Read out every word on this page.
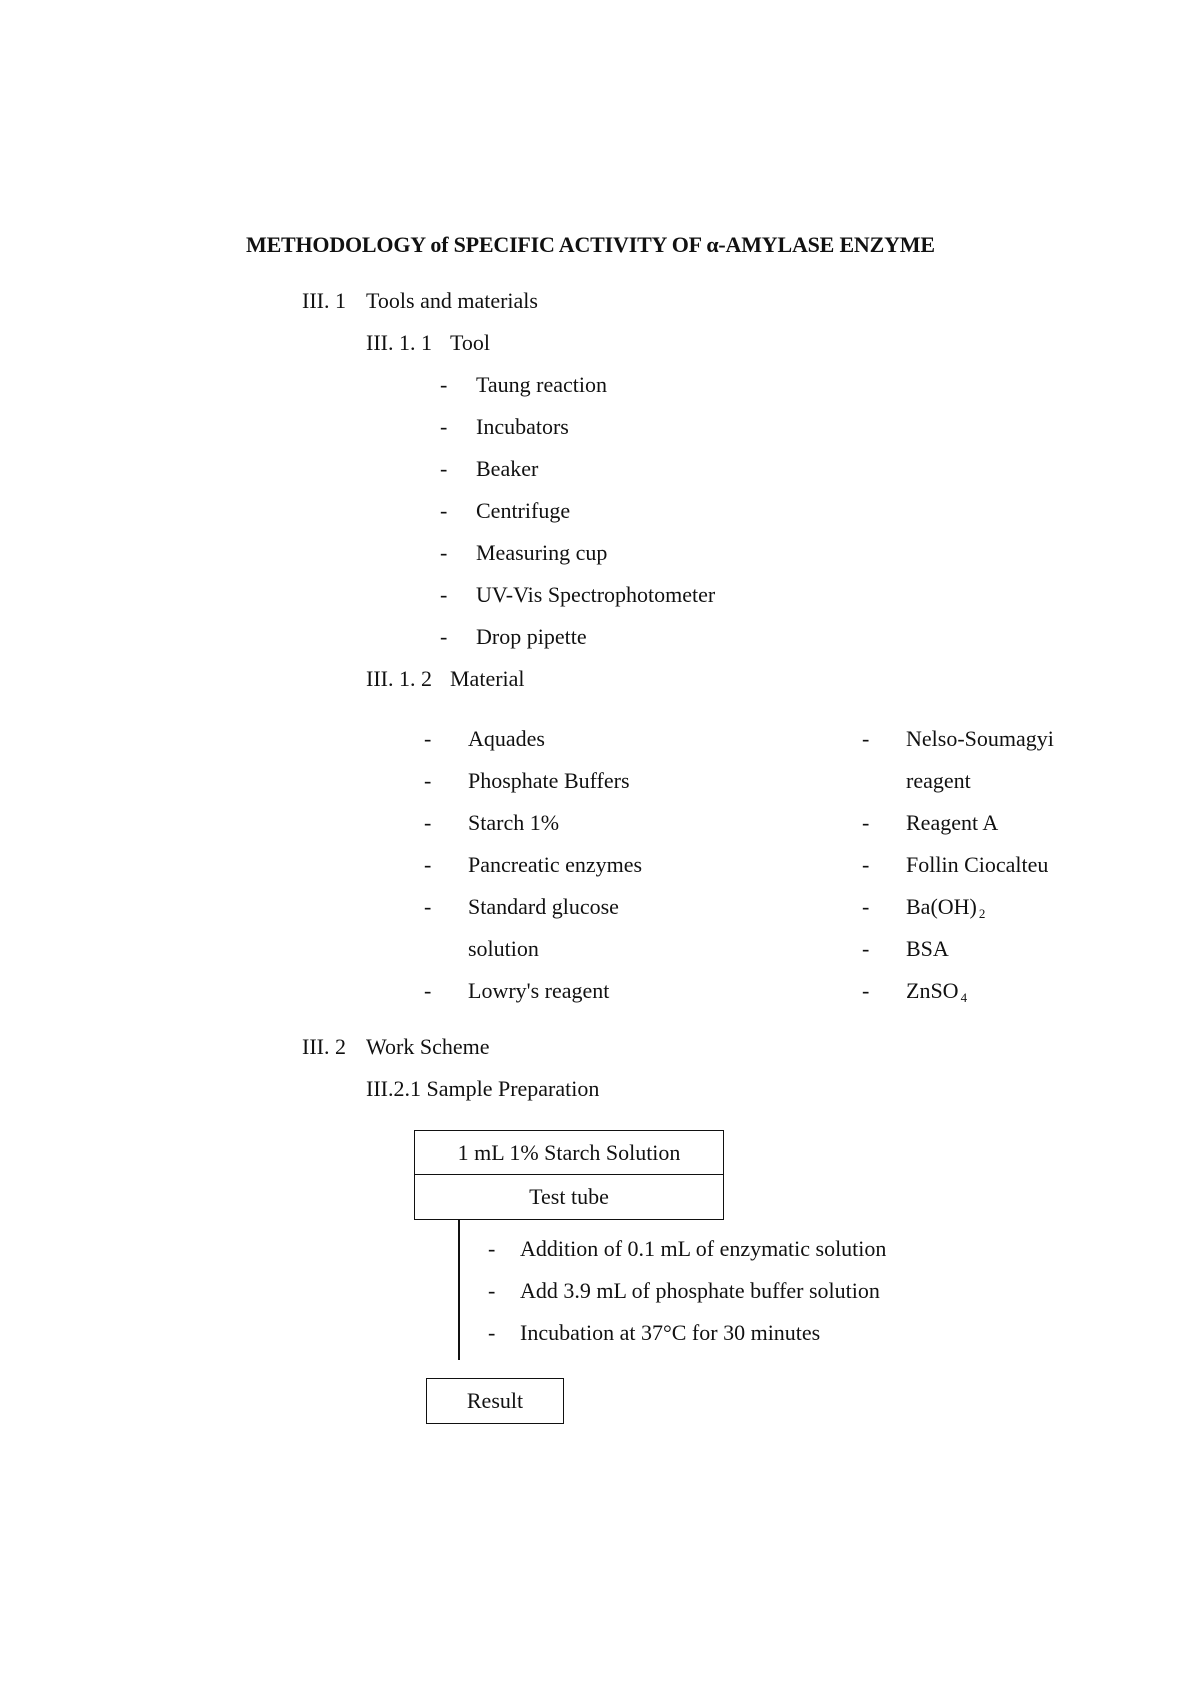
METHODOLOGY of SPECIFIC ACTIVITY OF α-AMYLASE ENZYME
III. 1 Tools and materials
III. 1. 1 Tool
- Taung reaction
- Incubators
- Beaker
- Centrifuge
- Measuring cup
- UV-Vis Spectrophotometer
- Drop pipette
III. 1. 2 Material
- Aquades
- Phosphate Buffers
- Starch 1%
- Pancreatic enzymes
- Standard glucose
solution
- Lowry's reagent
- Nelso-Soumagyi
reagent
- Reagent A
- Follin Ciocalteu
- Ba(OH) $_2$
- BSA
- ZnSO $_4$
III. 2 Work Scheme
III.2.1 Sample Preparation
1 mL 1% Starch Solution
Test tube
- Addition of 0.1 mL of enzymatic solution
- Add 3.9 mL of phosphate buffer solution
- Incubation at 37°C for 30 minutes
Result
